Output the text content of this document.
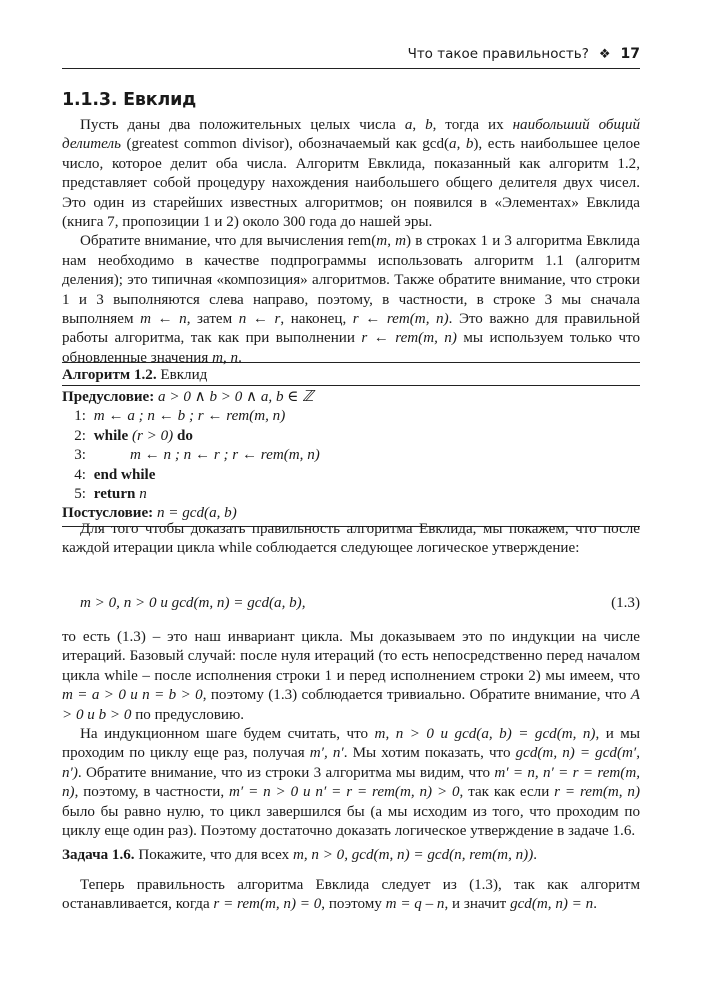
Что такое правильность? ❖ 17
1.1.3. Евклид

Пусть даны два положительных целых числа a, b, тогда их наибольший общий делитель (greatest common divisor), обозначаемый как gcd(a, b), есть наибольшее целое число, которое делит оба числа. Алгоритм Евклида, показанный как алгоритм 1.2, представляет собой процедуру нахождения наибольшего общего делителя двух чисел. Это один из старейших известных алгоритмов; он появился в «Элементах» Евклида (книга 7, пропозиции 1 и 2) около 300 года до нашей эры.

Обратите внимание, что для вычисления rem(m, m) в строках 1 и 3 алгоритма Евклида нам необходимо в качестве подпрограммы использовать алгоритм 1.1 (алгоритм деления); это типичная «композиция» алгоритмов. Также обратите внимание, что строки 1 и 3 выполняются слева направо, поэтому, в частности, в строке 3 мы сначала выполняем m ← n, затем n ← r, наконец, r ← rem(m, n). Это важно для правильной работы алгоритма, так как при выполнении r ← rem(m, n) мы используем только что обновленные значения m, n.

Алгоритм 1.2. Евклид
Предусловие: a > 0 ∧ b > 0 ∧ a, b ∈ ℤ
1: m ← a ; n ← b ; r ← rem(m, n)
2: while (r > 0) do
3:	m ← n ; n ← r ; r ← rem(m, n)
4: end while
5: return n
Постусловие: n = gcd(a, b)

Для того чтобы доказать правильность алгоритма Евклида, мы покажем, что после каждой итерации цикла while соблюдается следующее логическое утверждение:

m > 0, n > 0 и gcd(m, n) = gcd(a, b),	(1.3)

то есть (1.3) – это наш инвариант цикла. Мы доказываем это по индукции на числе итераций. Базовый случай: после нуля итераций (то есть непосредственно перед началом цикла while – после исполнения строки 1 и перед исполнением строки 2) мы имеем, что m = a > 0 и n = b > 0, поэтому (1.3) соблюдается тривиально. Обратите внимание, что A > 0 и b > 0 по предусловию.

На индукционном шаге будем считать, что m, n > 0 и gcd(a, b) = gcd(m, n), и мы проходим по циклу еще раз, получая m′, n′. Мы хотим показать, что gcd(m, n) = gcd(m′, n′). Обратите внимание, что из строки 3 алгоритма мы видим, что m′ = n, n′ = r = rem(m, n), поэтому, в частности, m′ = n > 0 и n′ = r = rem(m, n) > 0, так как если r = rem(m, n) было бы равно нулю, то цикл завершился бы (а мы исходим из того, что проходим по циклу еще один раз). Поэтому достаточно доказать логическое утверждение в задаче 1.6.

Задача 1.6. Покажите, что для всех m, n > 0, gcd(m, n) = gcd(n, rem(m, n)).

Теперь правильность алгоритма Евклида следует из (1.3), так как алгоритм останавливается, когда r = rem(m, n) = 0, поэтому m = q – n, и значит gcd(m, n) = n.
